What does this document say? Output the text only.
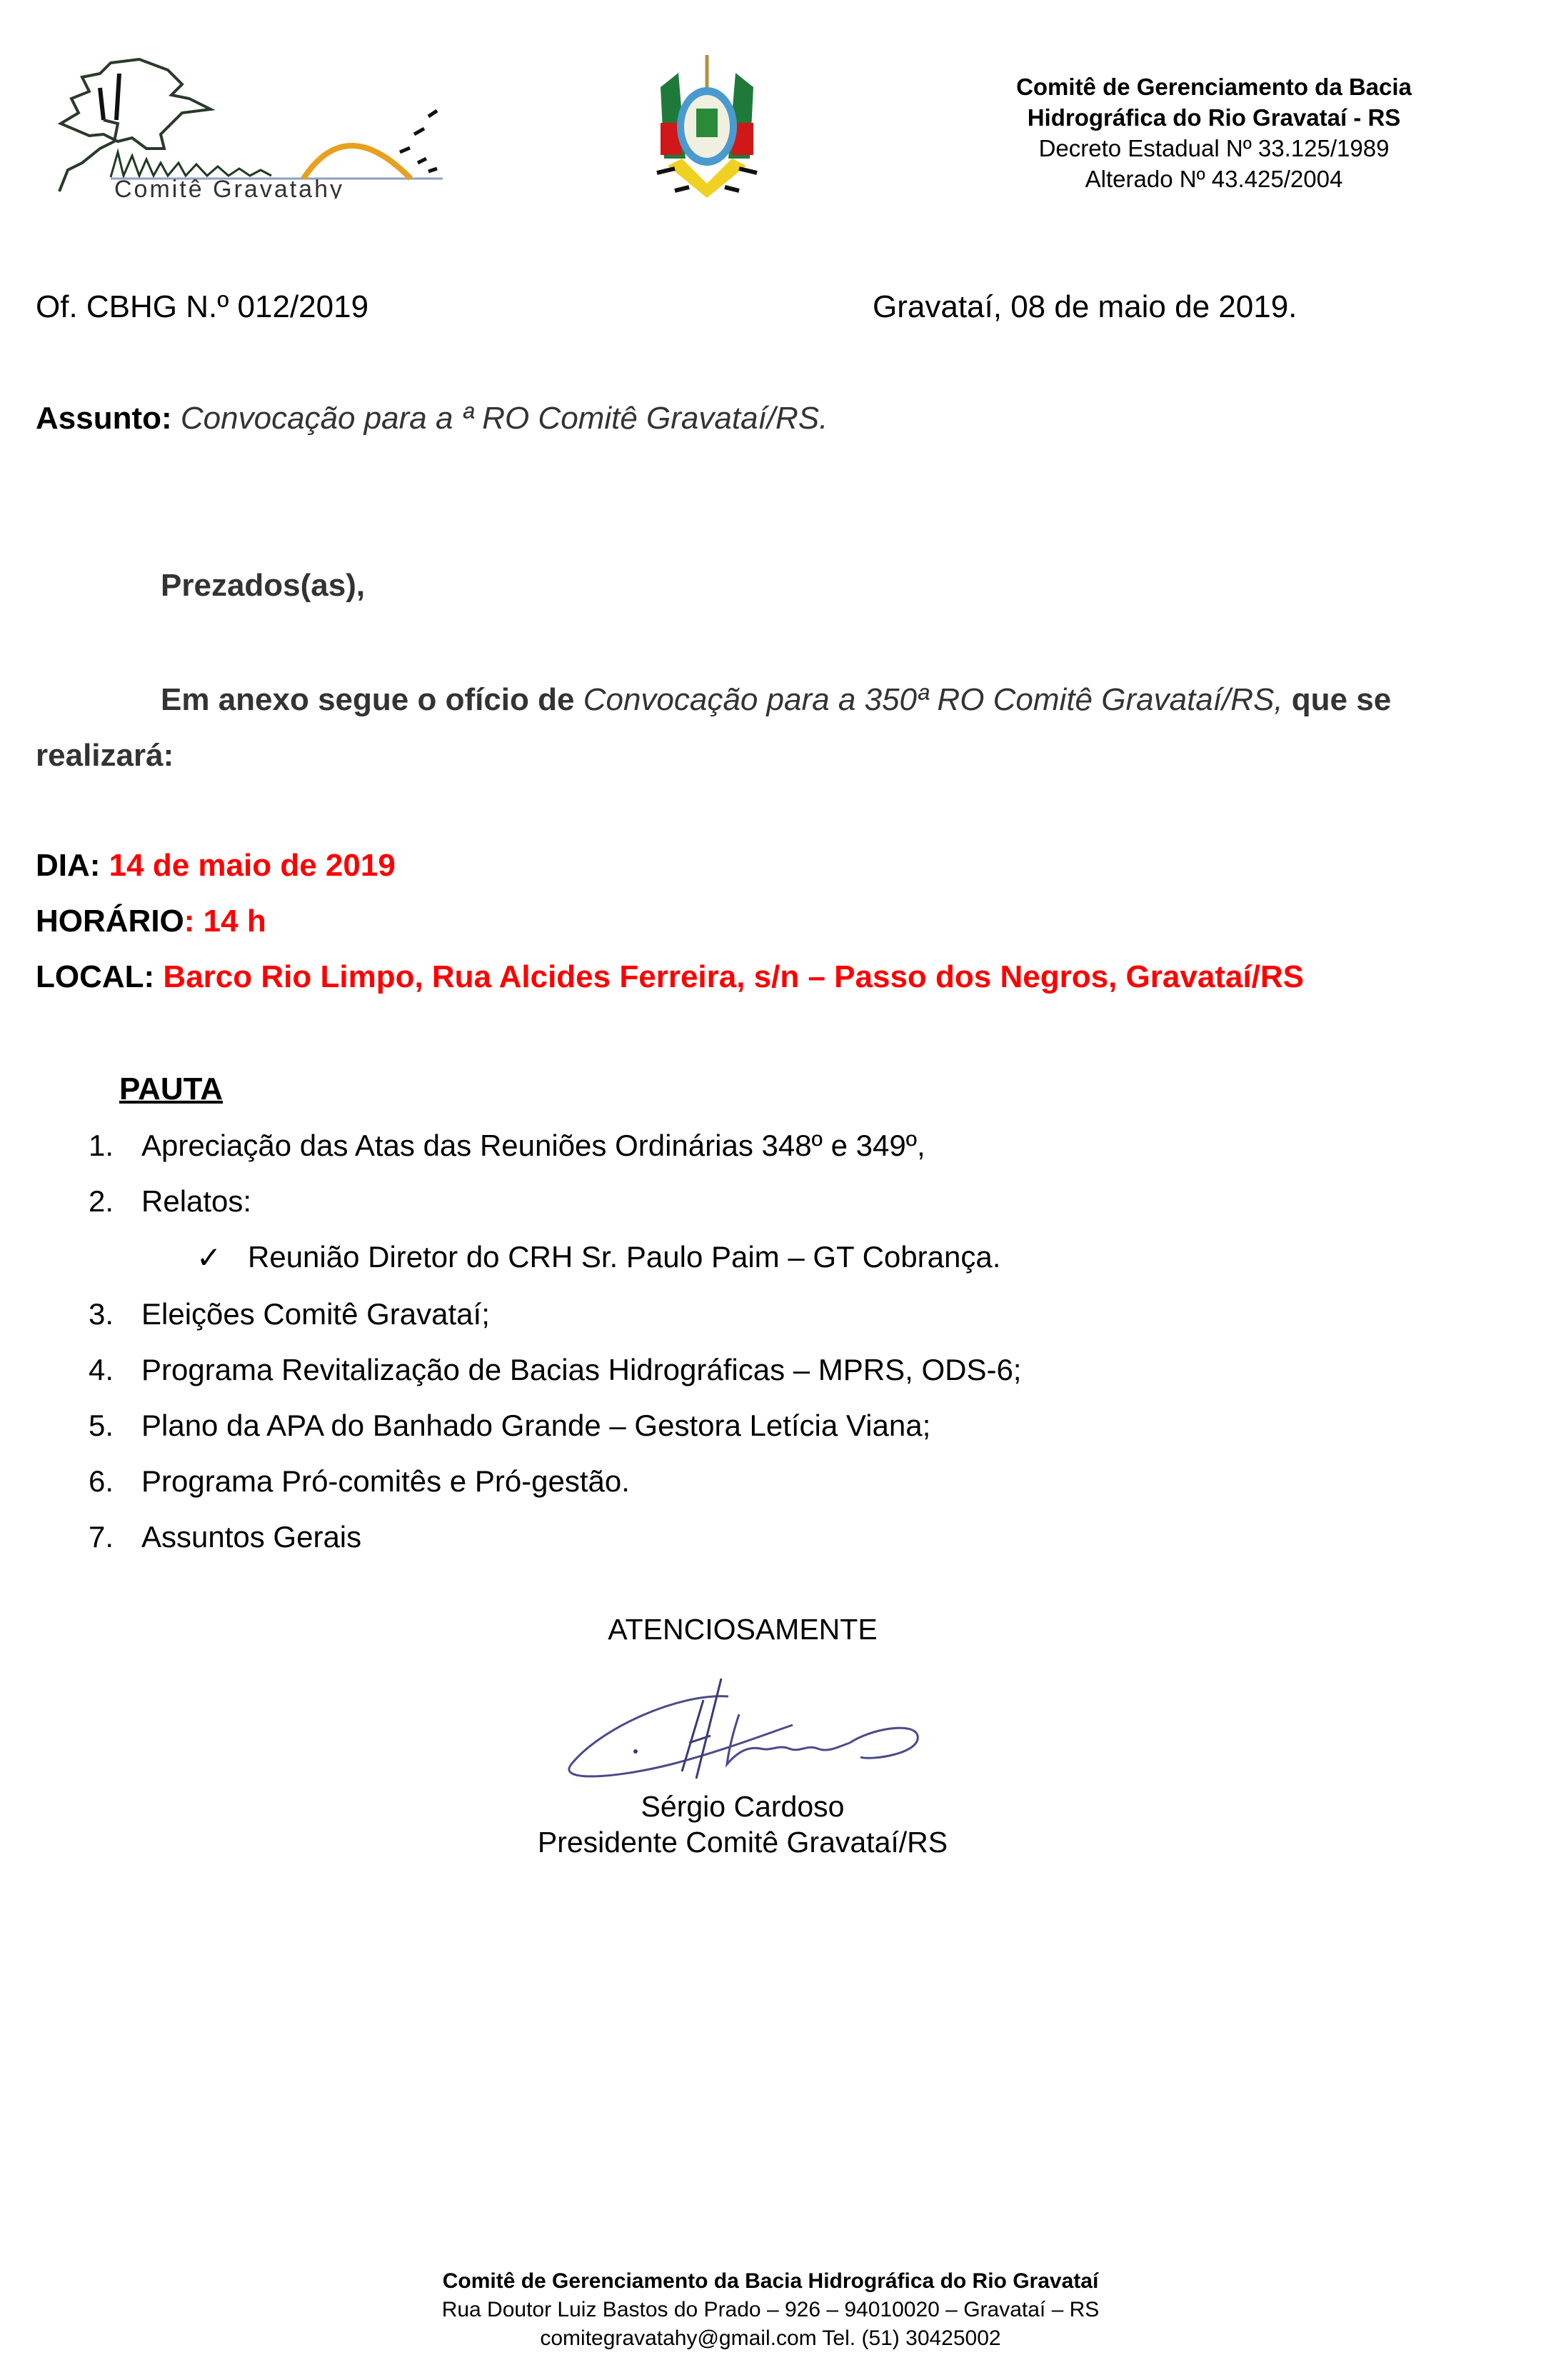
Comitê Gravatahy
Comitê de Gerenciamento da Bacia
Hidrográfica do Rio Gravataí - RS
Decreto Estadual Nº 33.125/1989
Alterado Nº 43.425/2004
Of. CBHG N.º 012/2019	Gravataí, 08 de maio de 2019.
Assunto: Convocação para a ª RO Comitê Gravataí/RS.
Prezados(as),
Em anexo segue o ofício de Convocação para a 350ª RO Comitê Gravataí/RS, que se
realizará:
DIA: 14 de maio de 2019
HORÁRIO: 14 h
LOCAL: Barco Rio Limpo, Rua Alcides Ferreira, s/n – Passo dos Negros, Gravataí/RS
PAUTA
1. Apreciação das Atas das Reuniões Ordinárias 348º e 349º,
2. Relatos:
✓ Reunião Diretor do CRH Sr. Paulo Paim – GT Cobrança.
3. Eleições Comitê Gravataí;
4. Programa Revitalização de Bacias Hidrográficas – MPRS, ODS-6;
5. Plano da APA do Banhado Grande – Gestora Letícia Viana;
6. Programa Pró-comitês e Pró-gestão.
7. Assuntos Gerais
ATENCIOSAMENTE
Sérgio Cardoso
Presidente Comitê Gravataí/RS
Comitê de Gerenciamento da Bacia Hidrográfica do Rio Gravataí
Rua Doutor Luiz Bastos do Prado – 926 – 94010020 – Gravataí – RS
comitegravatahy@gmail.com Tel. (51) 30425002
